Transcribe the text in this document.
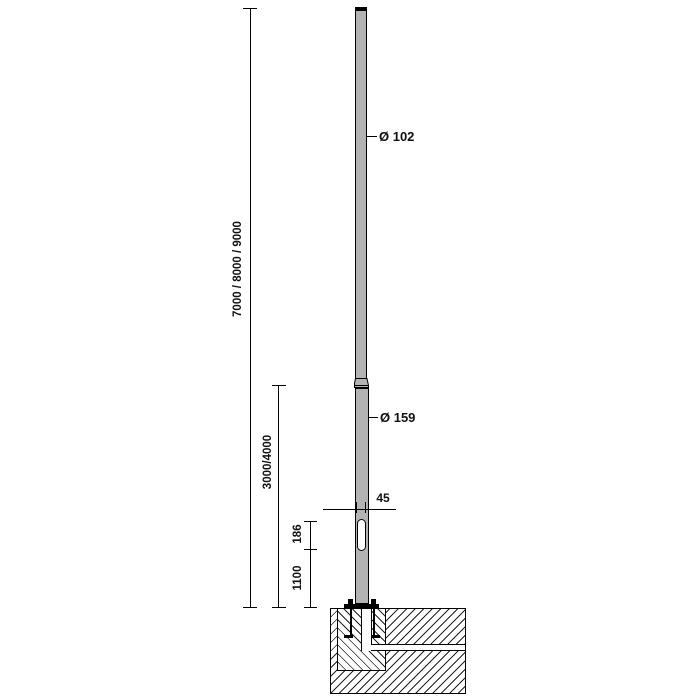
7000 / 8000 / 9000
3000/4000
186
1100
45
Ø 102
Ø 159
